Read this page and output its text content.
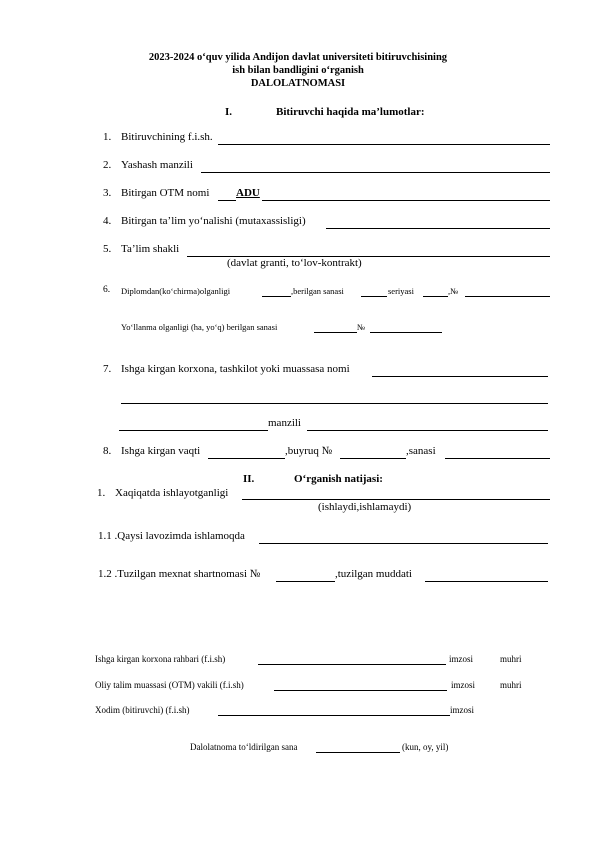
2023-2024 o‘quv yilida Andijon davlat universiteti bitiruvchisining
ish bilan bandligini o‘rganish
DALOLATNOMASI
I.	Bitiruvchi haqida ma’lumotlar:
1. Bitiruvchining f.i.sh.
2. Yashash manzili
3. Bitirgan OTM nomi ADU
4. Bitirgan ta’lim yo‘nalishi (mutaxassisligi)
5. Ta’lim shakli
(davlat granti, to‘lov-kontrakt)
6. Diplomdan(ko‘chirma)olganligi	,berilgan sanasi	seriyasi	,№
Yo‘llanma olganligi (ha, yo‘q) berilgan sanasi	№
7. Ishga kirgan korxona, tashkilot yoki muassasa nomi
manzili
8. Ishga kirgan vaqti	,buyruq №	,sanasi
II.	O‘rganish natijasi:
1. Xaqiqatda ishlayotganligi
(ishlaydi,ishlamaydi)
1.1 .Qaysi lavozimda ishlamoqda
1.2 .Tuzilgan mexnat shartnomasi №	,tuzilgan muddati
Ishga kirgan korxona rahbari (f.i.sh)	imzosi	muhri
Oliy talim muassasi (OTM) vakili (f.i.sh)	imzosi	muhri
Xodim (bitiruvchi) (f.i.sh)	imzosi
Dalolatnoma to‘ldirilgan sana	(kun, oy, yil)
